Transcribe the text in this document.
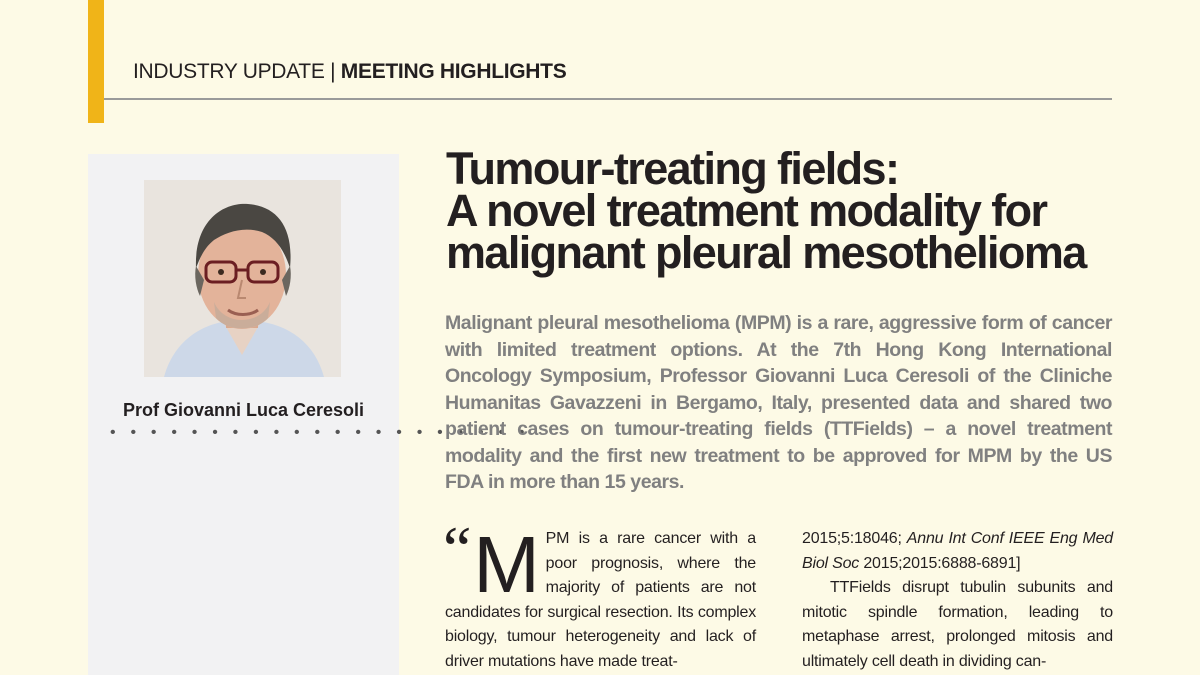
INDUSTRY UPDATE | MEETING HIGHLIGHTS
Prof Giovanni Luca Ceresoli
• • • • • • • • • • • • • • • • • • • • •
Tumour-treating fields:
A novel treatment modality for
malignant pleural mesothelioma

Malignant pleural mesothelioma (MPM) is a rare, aggressive form of cancer with limited treatment options. At the 7th Hong Kong International Oncology Symposium, Professor Giovanni Luca Ceresoli of the Cliniche Humanitas Gavazzeni in Bergamo, Italy, presented data and shared two patient cases on tumour-treating fields (TTFields) – a novel treatment modality and the first new treatment to be approved for MPM by the US FDA in more than 15 years.

“ M PM is a rare cancer with a poor prognosis, where the majority of patients are not candidates for surgical resection. Its complex biology, tumour heterogeneity and lack of driver mutations have made treat-

2015;5:18046; Annu Int Conf IEEE Eng Med Biol Soc 2015;2015:6888-6891]

TTFields disrupt tubulin subunits and mitotic spindle formation, leading to metaphase arrest, prolonged mitosis and ultimately cell death in dividing can-
